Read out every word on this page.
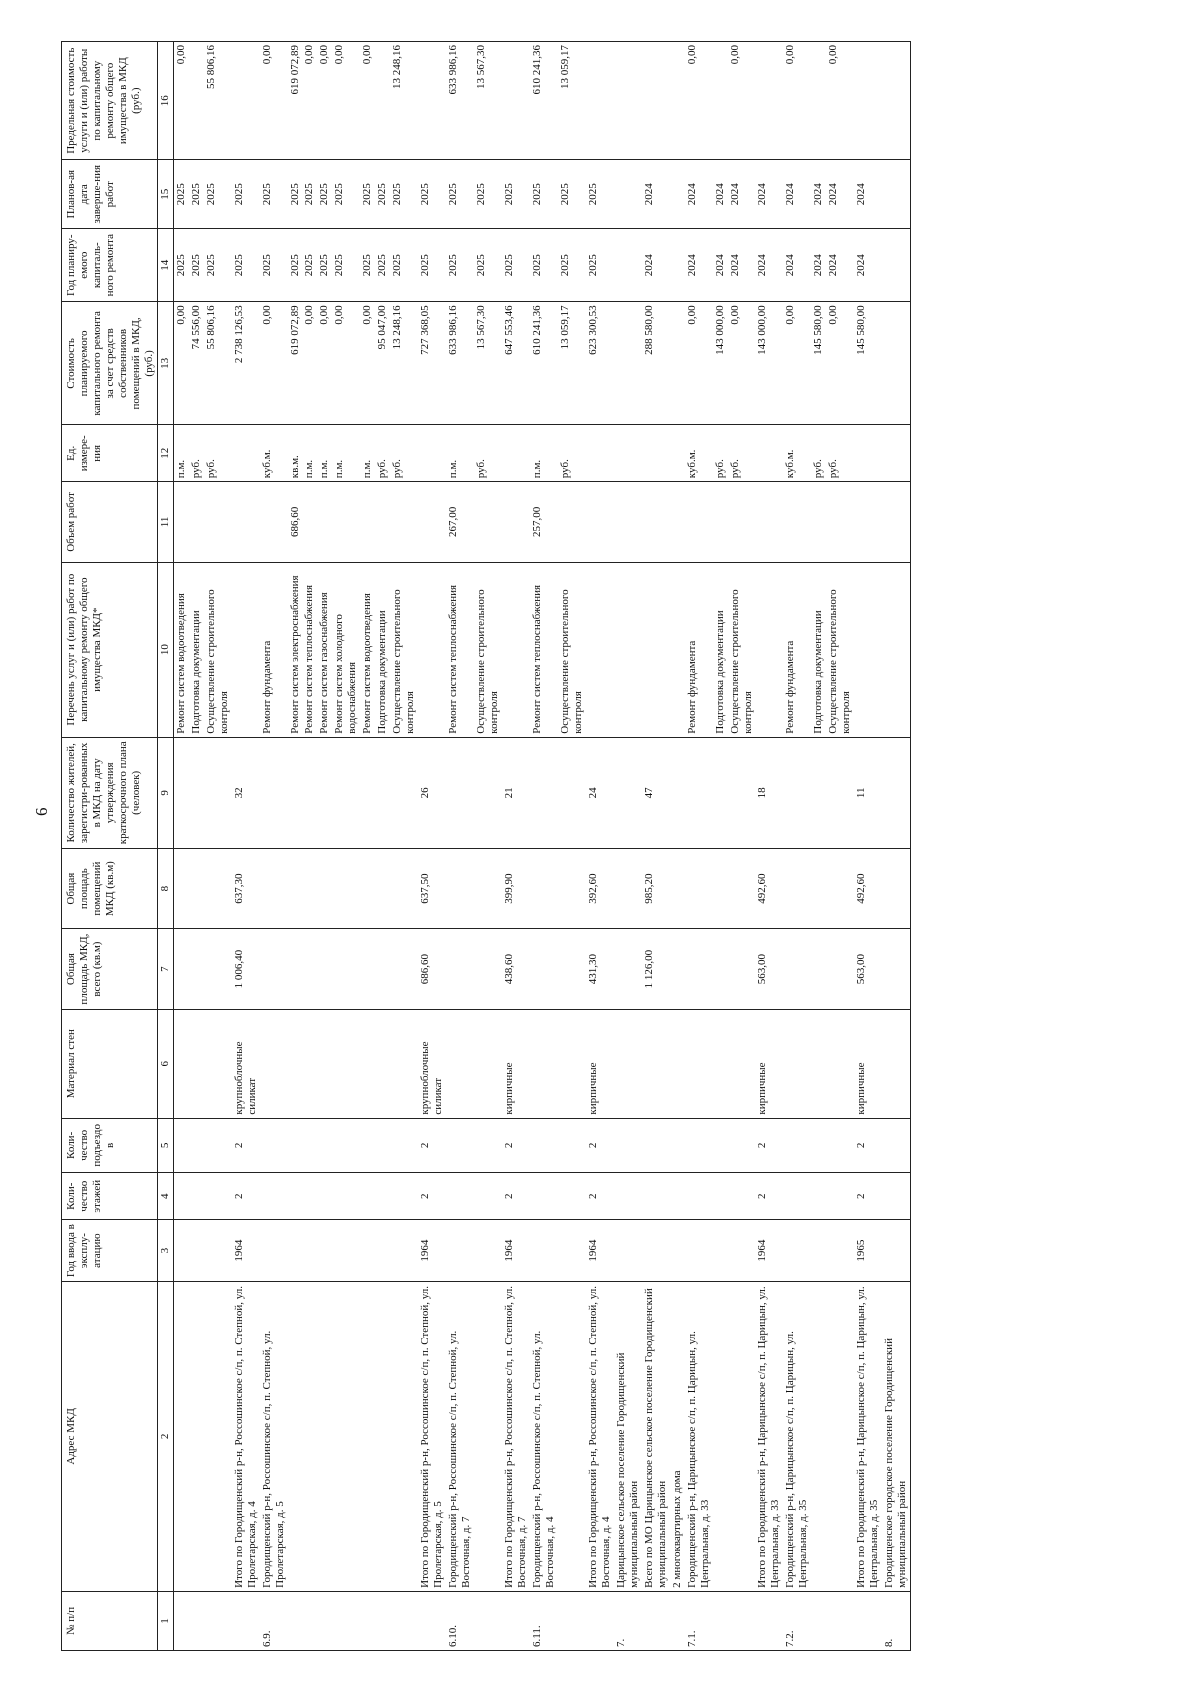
6
№ п/п	Адрес МКД	Год ввода в эксплу-атацию	Коли-чество этажей	Коли-чество подъездо в	Материал стен	Общая площадь МКД, всего (кв.м)	Общая площадь помещений МКД (кв.м)	Количество жителей, зарегистри-рованных в МКД на дату утверждения краткосрочного плана (человек)	Перечень услуг и (или) работ по капитальному ремонту общего имущества МКД*	Объем работ	Ед. измере-ния	Стоимость планируемого капитального ремонта за счет средств собственников помещений в МКД, (руб.)	Год планиру-емого капиталь-ного ремонта	Планов-ая дата заверше-ния работ	Предельная стоимость услуги и (или) работы по капитальному ремонту общего имущества в МКД (руб.)
1	2	3	4	5	6	7	8	9	10	11	12	13	14	15	16
									Ремонт систем водоотведения		п.м.	0,00	2025	2025	0,00
									Подготовка документации		руб.	74 556,00	2025	2025	
									Осуществление строительного контроля		руб.	55 806,16	2025	2025	55 806,16
	Итого по Городищенский р-н, Россошинское с/п, п. Степной, ул. Пролетарская, д. 4	1964	2	2	крупноблочные силикат	1 006,40	637,30	32				2 738 126,53	2025	2025	
6.9.	Городищенский р-н, Россошинское с/п, п. Степной, ул. Пролетарская, д. 5								Ремонт фундамента		куб.м.	0,00	2025	2025	0,00
									Ремонт систем электроснабжения	686,60	кв.м.	619 072,89	2025	2025	619 072,89
									Ремонт систем теплоснабжения		п.м.	0,00	2025	2025	0,00
									Ремонт систем газоснабжения		п.м.	0,00	2025	2025	0,00
									Ремонт систем холодного водоснабжения		п.м.	0,00	2025	2025	0,00
									Ремонт систем водоотведения		п.м.	0,00	2025	2025	0,00
									Подготовка документации		руб.	95 047,00	2025	2025	
									Осуществление строительного контроля		руб.	13 248,16	2025	2025	13 248,16
	Итого по Городищенский р-н, Россошинское с/п, п. Степной, ул. Пролетарская, д. 5	1964	2	2	крупноблочные силикат	686,60	637,50	26				727 368,05	2025	2025	
6.10.	Городищенский р-н, Россошинское с/п, п. Степной, ул. Восточная, д. 7								Ремонт систем теплоснабжения	267,00	п.м.	633 986,16	2025	2025	633 986,16
									Осуществление строительного контроля		руб.	13 567,30	2025	2025	13 567,30
	Итого по Городищенский р-н, Россошинское с/п, п. Степной, ул. Восточная, д. 7	1964	2	2	кирпичные	438,60	399,90	21				647 553,46	2025	2025	
6.11.	Городищенский р-н, Россошинское с/п, п. Степной, ул. Восточная, д. 4								Ремонт систем теплоснабжения	257,00	п.м.	610 241,36	2025	2025	610 241,36
									Осуществление строительного контроля		руб.	13 059,17	2025	2025	13 059,17
	Итого по Городищенский р-н, Россошинское с/п, п. Степной, ул. Восточная, д. 4	1964	2	2	кирпичные	431,30	392,60	24				623 300,53	2025	2025	
7.	Царицынское сельское поселение Городищенский муниципальный район														
	Всего по МО Царицынское сельское поселение Городищенский муниципальный район					1 126,00	985,20	47				288 580,00	2024	2024	
	2 многоквартирных дома														
7.1.	Городищенский р-н, Царицынское с/п, п. Царицын, ул. Центральная, д. 33								Ремонт фундамента		куб.м.	0,00	2024	2024	0,00
									Подготовка документации		руб.	143 000,00	2024	2024	
									Осуществление строительного контроля		руб.	0,00	2024	2024	0,00
	Итого по Городищенский р-н, Царицынское с/п, п. Царицын, ул. Центральная, д. 33	1964	2	2	кирпичные	563,00	492,60	18				143 000,00	2024	2024	
7.2.	Городищенский р-н, Царицынское с/п, п. Царицын, ул. Центральная, д. 35								Ремонт фундамента		куб.м.	0,00	2024	2024	0,00
									Подготовка документации		руб.	145 580,00	2024	2024	
									Осуществление строительного контроля		руб.	0,00	2024	2024	0,00
	Итого по Городищенский р-н, Царицынское с/п, п. Царицын, ул. Центральная, д. 35	1965	2	2	кирпичные	563,00	492,60	11				145 580,00	2024	2024	
8.	Городищенское городское поселение Городищенский муниципальный район														
